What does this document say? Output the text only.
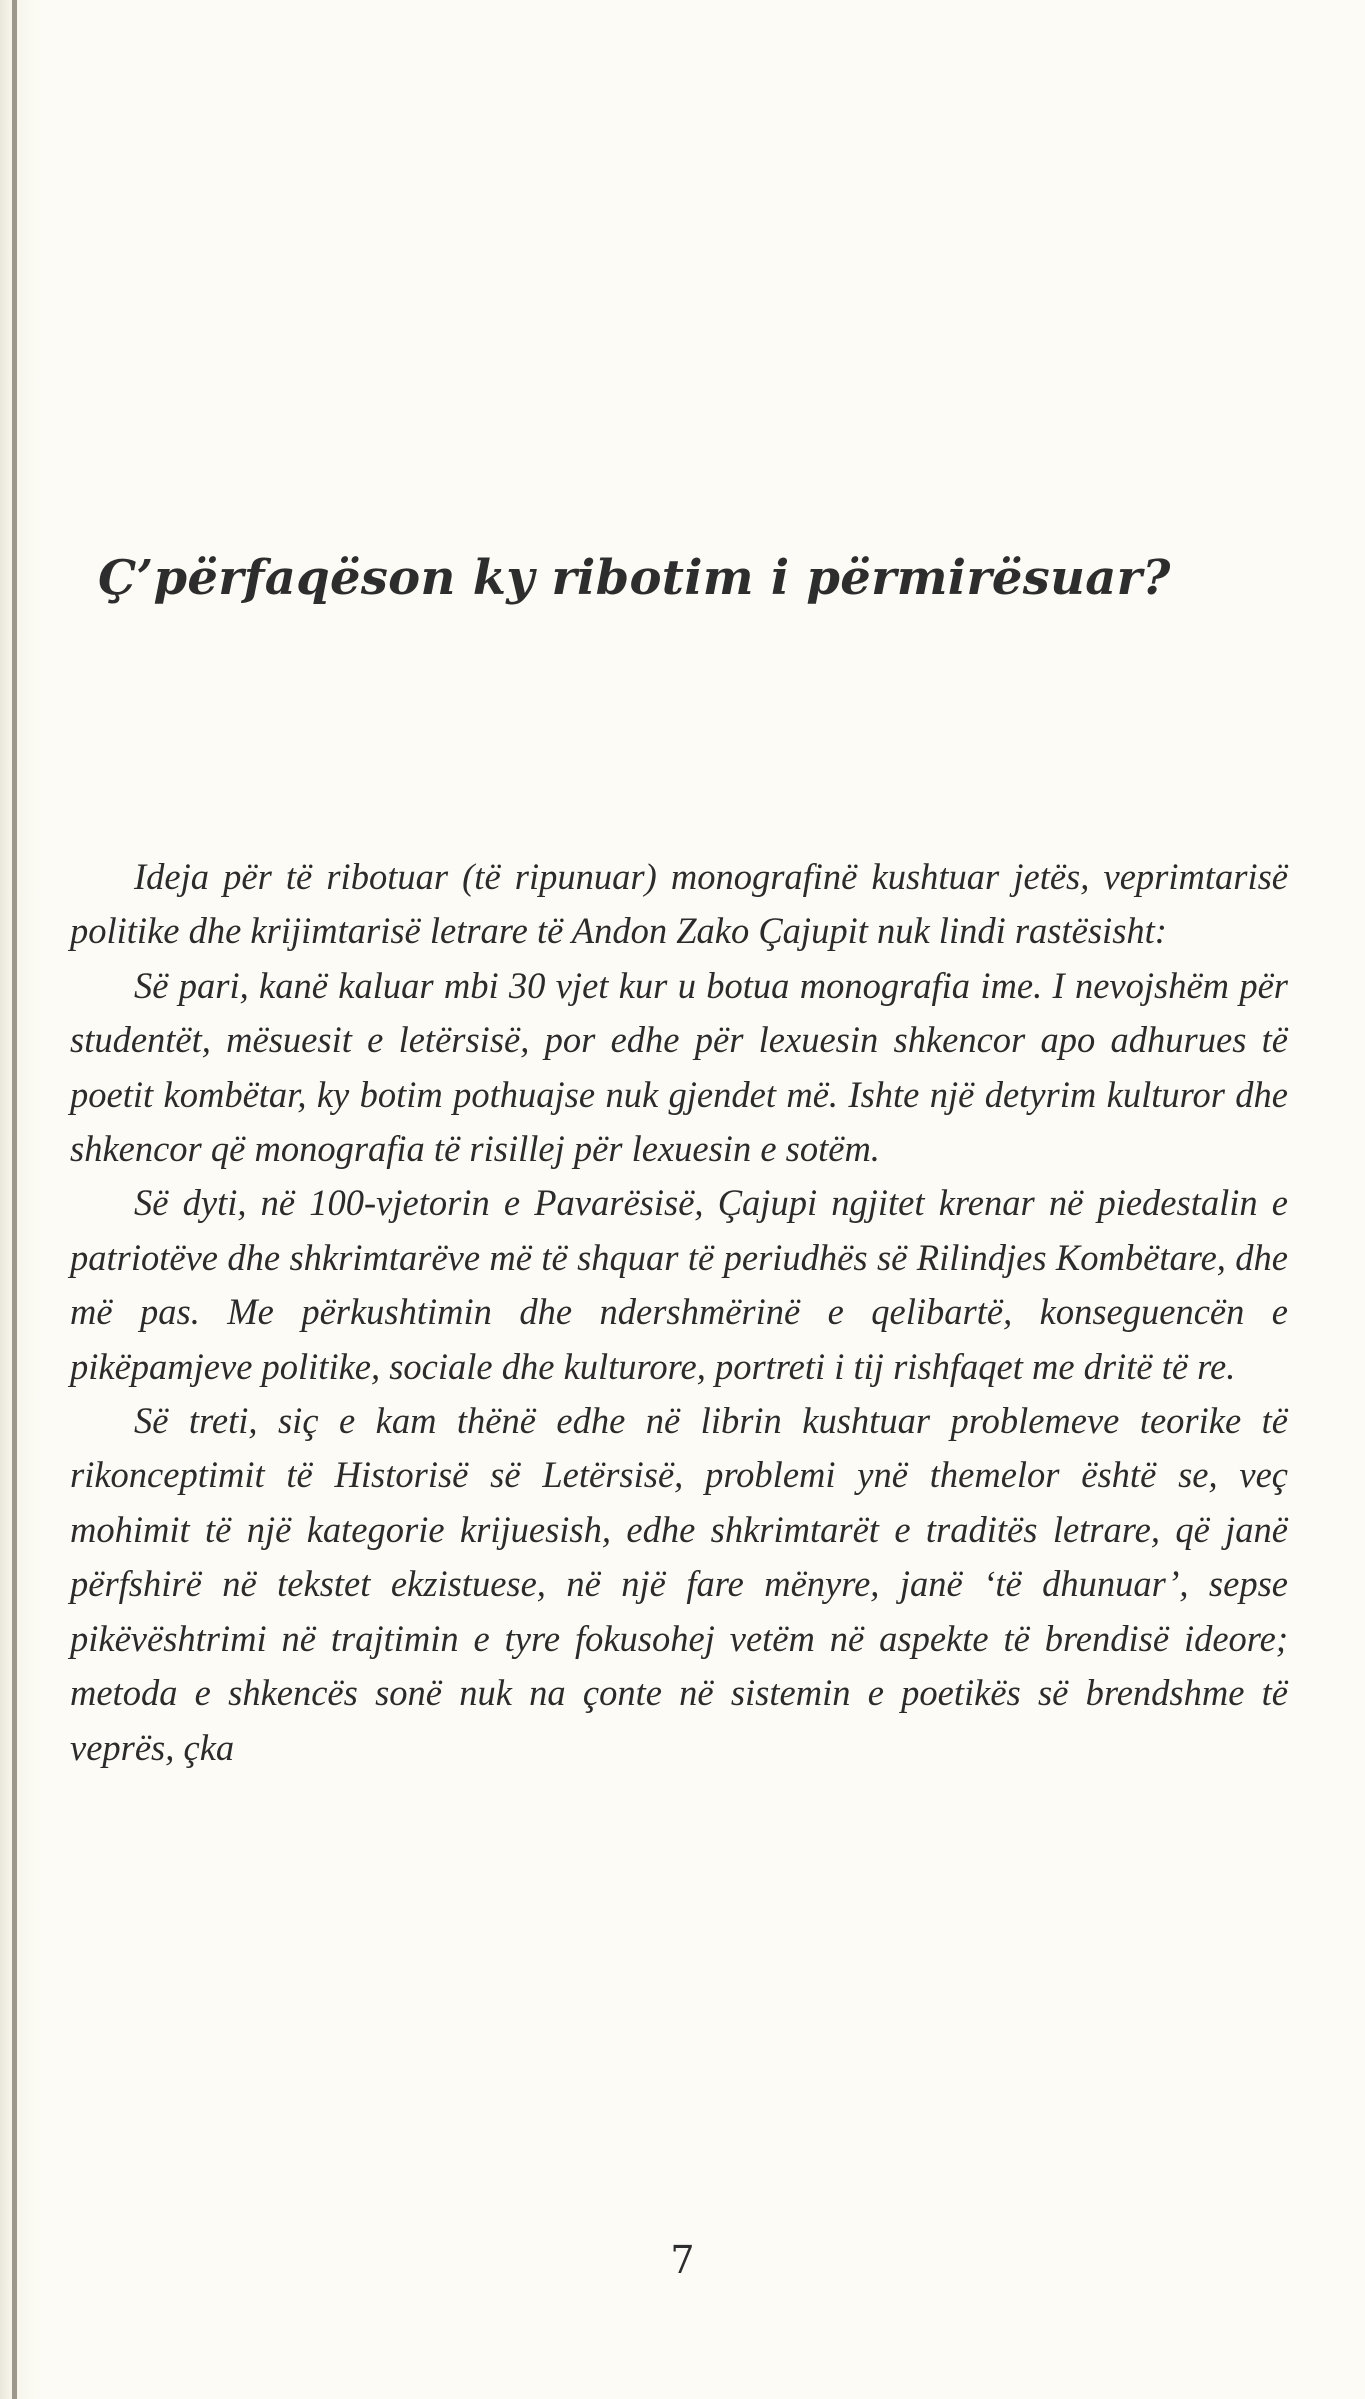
Ç’përfaqëson ky ribotim i përmirësuar?

Ideja për të ribotuar (të ripunuar) monografinë kushtuar jetës, veprimtarisë politike dhe krijimtarisë letrare të Andon Zako Çajupit nuk lindi rastësisht:

Së pari, kanë kaluar mbi 30 vjet kur u botua monografia ime. I nevojshëm për studentët, mësuesit e letërsisë, por edhe për lexuesin shkencor apo adhurues të poetit kombëtar, ky botim pothuajse nuk gjendet më. Ishte një detyrim kulturor dhe shkencor që monografia të risillej për lexuesin e sotëm.

Së dyti, në 100-vjetorin e Pavarësisë, Çajupi ngjitet krenar në piedestalin e patriotëve dhe shkrimtarëve më të shquar të periudhës së Rilindjes Kombëtare, dhe më pas. Me përkushtimin dhe ndershmërinë e qelibartë, konseguencën e pikëpamjeve politike, sociale dhe kulturore, portreti i tij rishfaqet me dritë të re.

Së treti, siç e kam thënë edhe në librin kushtuar problemeve teorike të rikonceptimit të Historisë së Letërsisë, problemi ynë themelor është se, veç mohimit të një kategorie krijuesish, edhe shkrimtarët e traditës letrare, që janë përfshirë në tekstet ekzistuese, në një fare mënyre, janë ‘të dhunuar’, sepse pikëvështrimi në trajtimin e tyre fokusohej vetëm në aspekte të brendisë ideore; metoda e shkencës sonë nuk na çonte në sistemin e poetikës së brendshme të veprës, çka

7
